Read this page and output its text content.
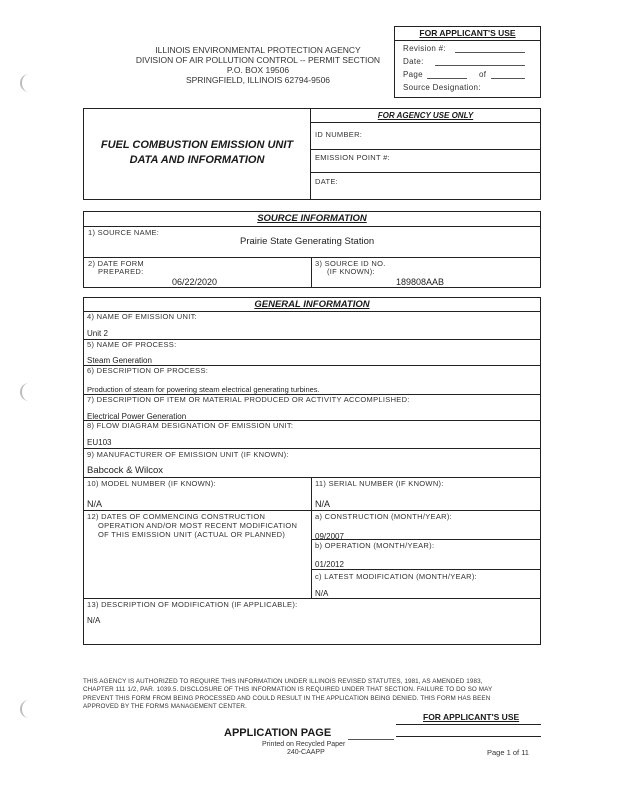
FOR APPLICANT'S USE
Revision #:
Date:
Page	of
Source Designation:
ILLINOIS ENVIRONMENTAL PROTECTION AGENCY
DIVISION OF AIR POLLUTION CONTROL -- PERMIT SECTION
P.O. BOX 19506
SPRINGFIELD, ILLINOIS 62794-9506
FUEL COMBUSTION EMISSION UNIT
DATA AND INFORMATION
FOR AGENCY USE ONLY
ID NUMBER:
EMISSION POINT #:
DATE:
SOURCE INFORMATION
1) SOURCE NAME:
Prairie State Generating Station
2) DATE FORM
PREPARED:
06/22/2020
3) SOURCE ID NO.
(IF KNOWN):
189808AAB
GENERAL INFORMATION
4) NAME OF EMISSION UNIT:
Unit 2
5) NAME OF PROCESS:
Steam Generation
6) DESCRIPTION OF PROCESS:
Production of steam for powering steam electrical generating turbines.
7) DESCRIPTION OF ITEM OR MATERIAL PRODUCED OR ACTIVITY ACCOMPLISHED:
Electrical Power Generation
8) FLOW DIAGRAM DESIGNATION OF EMISSION UNIT:
EU103
9) MANUFACTURER OF EMISSION UNIT (IF KNOWN):
Babcock & Wilcox
10) MODEL NUMBER (IF KNOWN):
N/A
11) SERIAL NUMBER (IF KNOWN):
N/A
12) DATES OF COMMENCING CONSTRUCTION
OPERATION AND/OR MOST RECENT MODIFICATION
OF THIS EMISSION UNIT (ACTUAL OR PLANNED)
a) CONSTRUCTION (MONTH/YEAR):
09/2007
b) OPERATION (MONTH/YEAR):
01/2012
c) LATEST MODIFICATION (MONTH/YEAR):
N/A
13) DESCRIPTION OF MODIFICATION (IF APPLICABLE):
N/A
THIS AGENCY IS AUTHORIZED TO REQUIRE THIS INFORMATION UNDER ILLINOIS REVISED STATUTES, 1981, AS AMENDED 1983,
CHAPTER 111 1/2, PAR. 1039.5. DISCLOSURE OF THIS INFORMATION IS REQUIRED UNDER THAT SECTION. FAILURE TO DO SO MAY
PREVENT THIS FORM FROM BEING PROCESSED AND COULD RESULT IN THE APPLICATION BEING DENIED. THIS FORM HAS BEEN
APPROVED BY THE FORMS MANAGEMENT CENTER.
FOR APPLICANT'S USE
APPLICATION PAGE
Printed on Recycled Paper
240-CAAPP	Page 1 of 11
